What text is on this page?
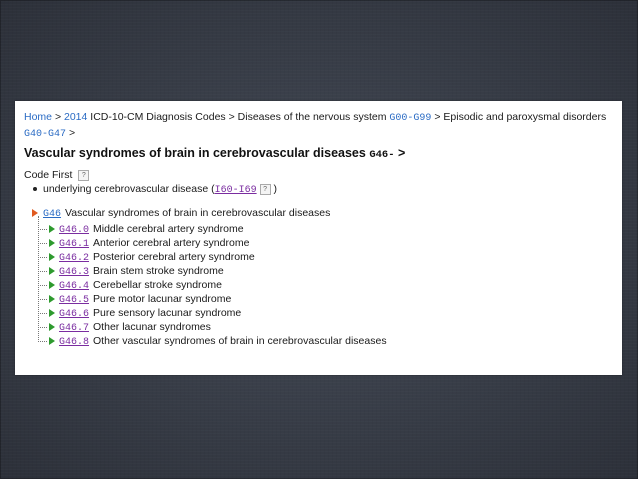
Home > 2014 ICD-10-CM Diagnosis Codes > Diseases of the nervous system G00-G99 > Episodic and paroxysmal disorders G40-G47 >
Vascular syndromes of brain in cerebrovascular diseases G46- >
Code First ?
underlying cerebrovascular disease (I60-I69 ? )
G46 Vascular syndromes of brain in cerebrovascular diseases
G46.0 Middle cerebral artery syndrome
G46.1 Anterior cerebral artery syndrome
G46.2 Posterior cerebral artery syndrome
G46.3 Brain stem stroke syndrome
G46.4 Cerebellar stroke syndrome
G46.5 Pure motor lacunar syndrome
G46.6 Pure sensory lacunar syndrome
G46.7 Other lacunar syndromes
G46.8 Other vascular syndromes of brain in cerebrovascular diseases
